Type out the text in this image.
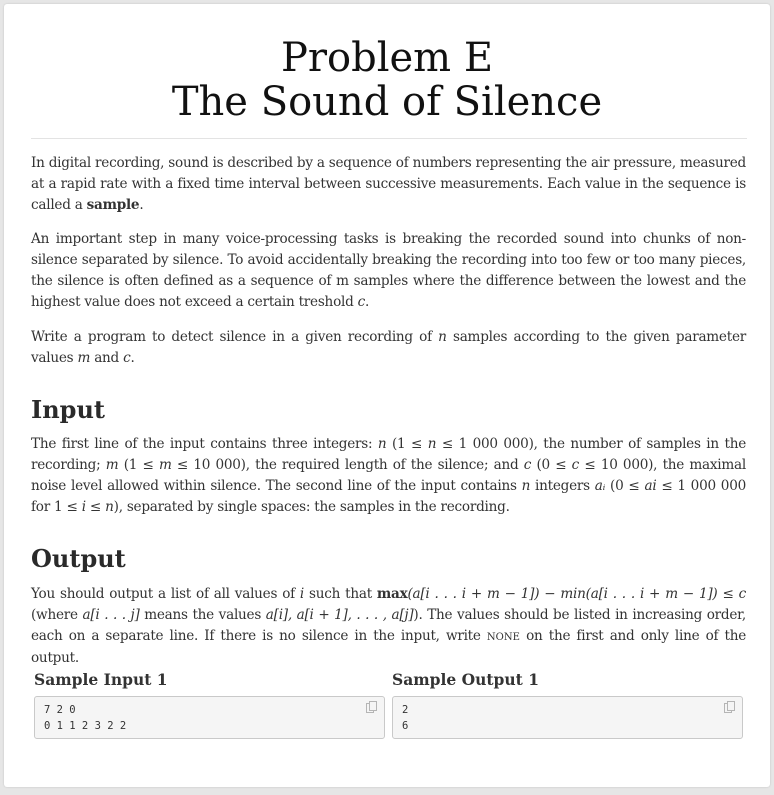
Problem E
The Sound of Silence
In digital recording, sound is described by a sequence of numbers representing the air pressure, measured at a rapid rate with a fixed time interval between successive measurements. Each value in the sequence is called a sample.
An important step in many voice-processing tasks is breaking the recorded sound into chunks of non-silence separated by silence. To avoid accidentally breaking the recording into too few or too many pieces, the silence is often defined as a sequence of m samples where the difference between the lowest and the highest value does not exceed a certain treshold c.
Write a program to detect silence in a given recording of n samples according to the given parameter values m and c.
Input
The first line of the input contains three integers: n (1 ≤ n ≤ 1 000 000), the number of samples in the recording; m (1 ≤ m ≤ 10 000), the required length of the silence; and c (0 ≤ c ≤ 10 000), the maximal noise level allowed within silence. The second line of the input contains n integers aᵢ (0 ≤ ai ≤ 1 000 000 for 1 ≤ i ≤ n), separated by single spaces: the samples in the recording.
Output
You should output a list of all values of i such that max(a[i . . . i + m − 1]) − min(a[i . . . i + m − 1]) ≤ c (where a[i . . . j] means the values a[i], a[i + 1], . . . , a[j]). The values should be listed in increasing order, each on a separate line. If there is no silence in the input, write NONE on the first and only line of the output.
Sample Input 1	Sample Output 1
7 2 0
0 1 1 2 3 2 2
2
6
